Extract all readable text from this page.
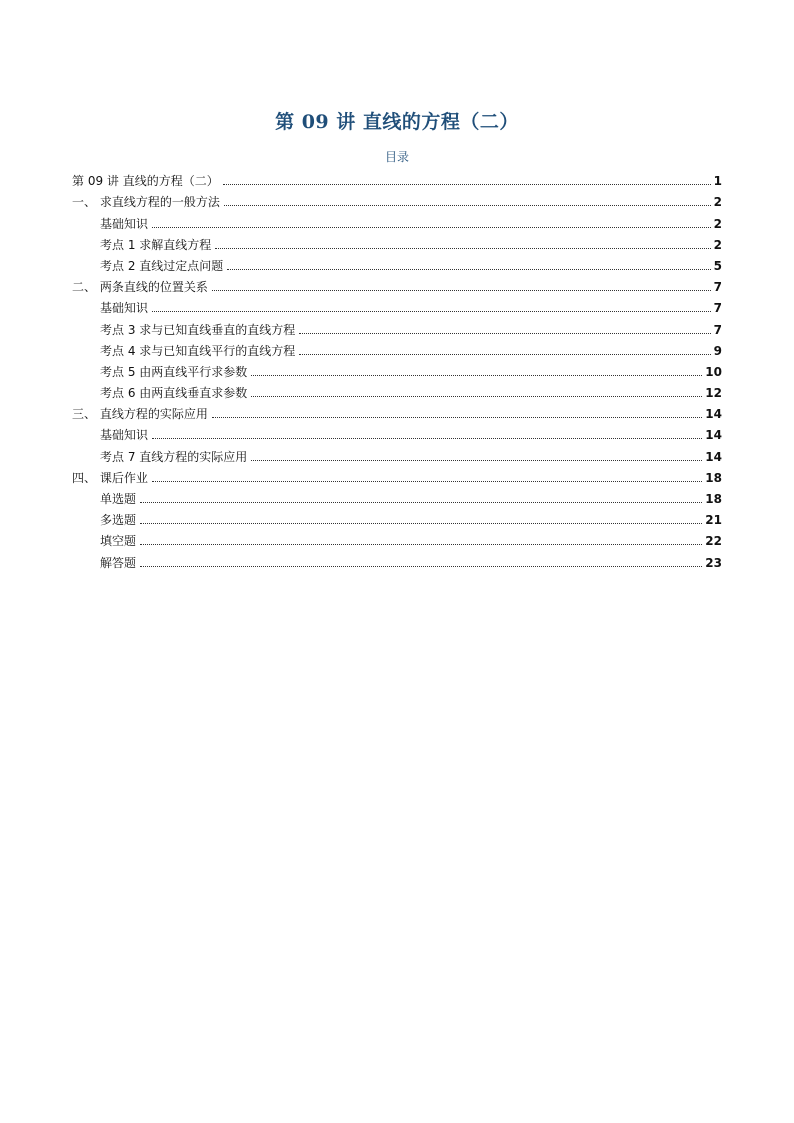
第 09 讲 直线的方程（二）
目录
第 09 讲 直线的方程（二）	1
一、 求直线方程的一般方法	2
基础知识	2
考点 1 求解直线方程	2
考点 2 直线过定点问题	5
二、 两条直线的位置关系	7
基础知识	7
考点 3 求与已知直线垂直的直线方程	7
考点 4 求与已知直线平行的直线方程	9
考点 5 由两直线平行求参数	10
考点 6 由两直线垂直求参数	12
三、 直线方程的实际应用	14
基础知识	14
考点 7 直线方程的实际应用	14
四、 课后作业	18
单选题	18
多选题	21
填空题	22
解答题	23
